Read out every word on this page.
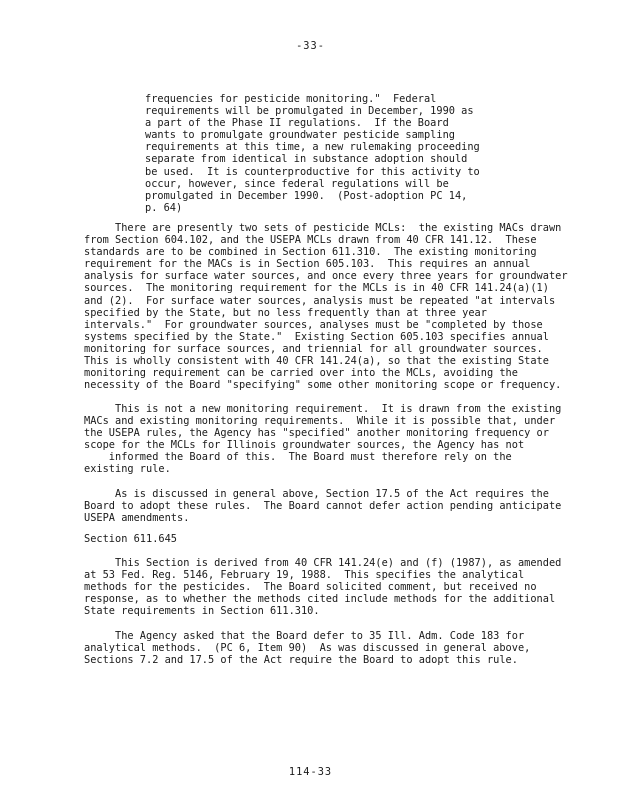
-33-
frequencies for pesticide monitoring."  Federal
requirements will be promulgated in December, 1990 as
a part of the Phase II regulations.  If the Board
wants to promulgate groundwater pesticide sampling
requirements at this time, a new rulemaking proceeding
separate from identical in substance adoption should
be used.  It is counterproductive for this activity to
occur, however, since federal regulations will be
promulgated in December 1990.  (Post-adoption PC 14,
p. 64)
There are presently two sets of pesticide MCLs:  the existing MACs drawn
from Section 604.102, and the USEPA MCLs drawn from 40 CFR 141.12.  These
standards are to be combined in Section 611.310.  The existing monitoring
requirement for the MACs is in Section 605.103.  This requires an annual
analysis for surface water sources, and once every three years for groundwater
sources.  The monitoring requirement for the MCLs is in 40 CFR 141.24(a)(1)
and (2).  For surface water sources, analysis must be repeated "at intervals
specified by the State, but no less frequently than at three year
intervals."  For groundwater sources, analyses must be "completed by those
systems specified by the State."  Existing Section 605.103 specifies annual
monitoring for surface sources, and triennial for all groundwater sources.
This is wholly consistent with 40 CFR 141.24(a), so that the existing State
monitoring requirement can be carried over into the MCLs, avoiding the
necessity of the Board "specifying" some other monitoring scope or frequency.
This is not a new monitoring requirement.  It is drawn from the existing
MACs and existing monitoring requirements.  While it is possible that, under
the USEPA rules, the Agency has "specified" another monitoring frequency or
scope for the MCLs for Illinois groundwater sources, the Agency has not
informed the Board of this.  The Board must therefore rely on the
existing rule.
As is discussed in general above, Section 17.5 of the Act requires the
Board to adopt these rules.  The Board cannot defer action pending anticipate
USEPA amendments.
Section 611.645
This Section is derived from 40 CFR 141.24(e) and (f) (1987), as amended
at 53 Fed. Reg. 5146, February 19, 1988.  This specifies the analytical
methods for the pesticides.  The Board solicited comment, but received no
response, as to whether the methods cited include methods for the additional
State requirements in Section 611.310.
The Agency asked that the Board defer to 35 Ill. Adm. Code 183 for
analytical methods.  (PC 6, Item 90)  As was discussed in general above,
Sections 7.2 and 17.5 of the Act require the Board to adopt this rule.
114-33
